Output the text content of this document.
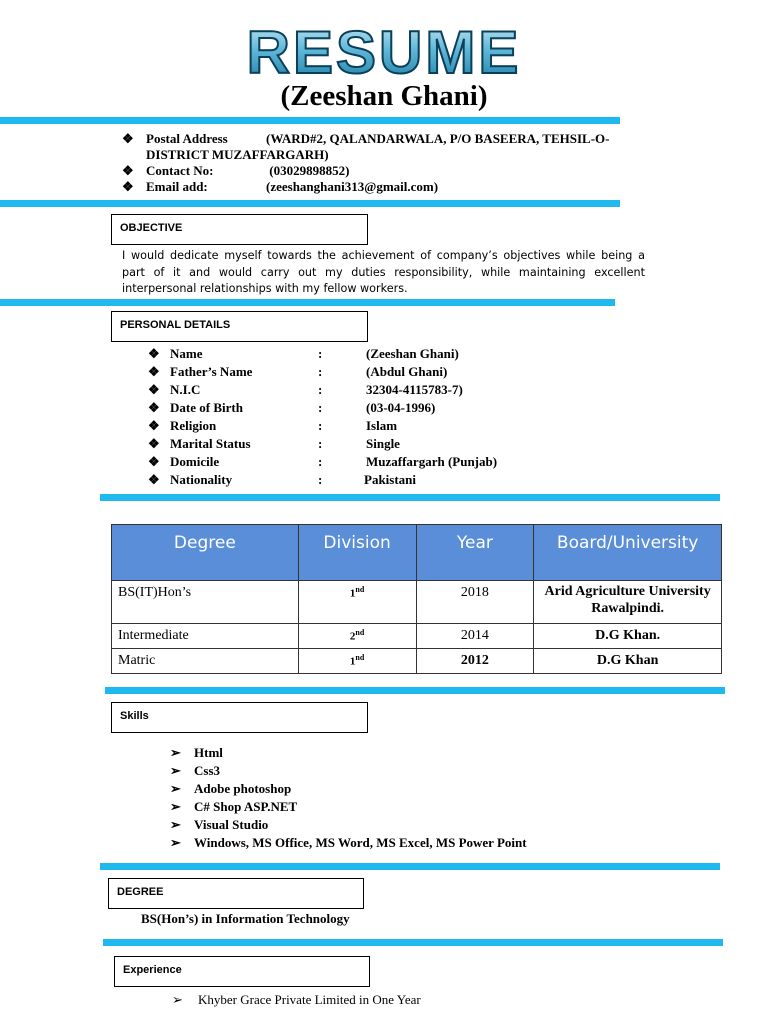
RESUME
(Zeeshan Ghani)
❖ Postal Address	(WARD#2, QALANDARWALA, P/O BASEERA, TEHSIL-O-
DISTRICT MUZAFFARGARH)
❖ Contact No:	(03029898852)
❖ Email add:	(zeeshanghani313@gmail.com)
OBJECTIVE
I would dedicate myself towards the achievement of company’s objectives while being a part of it and would carry out my duties responsibility, while maintaining excellent interpersonal relationships with my fellow workers.
PERSONAL DETAILS
❖ Name	:	(Zeeshan Ghani)
❖ Father’s Name	:	(Abdul Ghani)
❖ N.I.C	:	32304-4115783-7)
❖ Date of Birth	:	(03-04-1996)
❖ Religion	:	Islam
❖ Marital Status	:	Single
❖ Domicile	:	Muzaffargarh (Punjab)
❖ Nationality	:	Pakistani
Degree	Division	Year	Board/University
BS(IT)Hon’s	1nd	2018	Arid Agriculture University Rawalpindi.
Intermediate	2nd	2014	D.G Khan.
Matric	1nd	2012	D.G Khan
Skills
➢ Html
➢ Css3
➢ Adobe photoshop
➢ C# Shop ASP.NET
➢ Visual Studio
➢ Windows, MS Office, MS Word, MS Excel, MS Power Point
DEGREE
BS(Hon’s) in Information Technology
Experience
➢ Khyber Grace Private Limited in One Year
